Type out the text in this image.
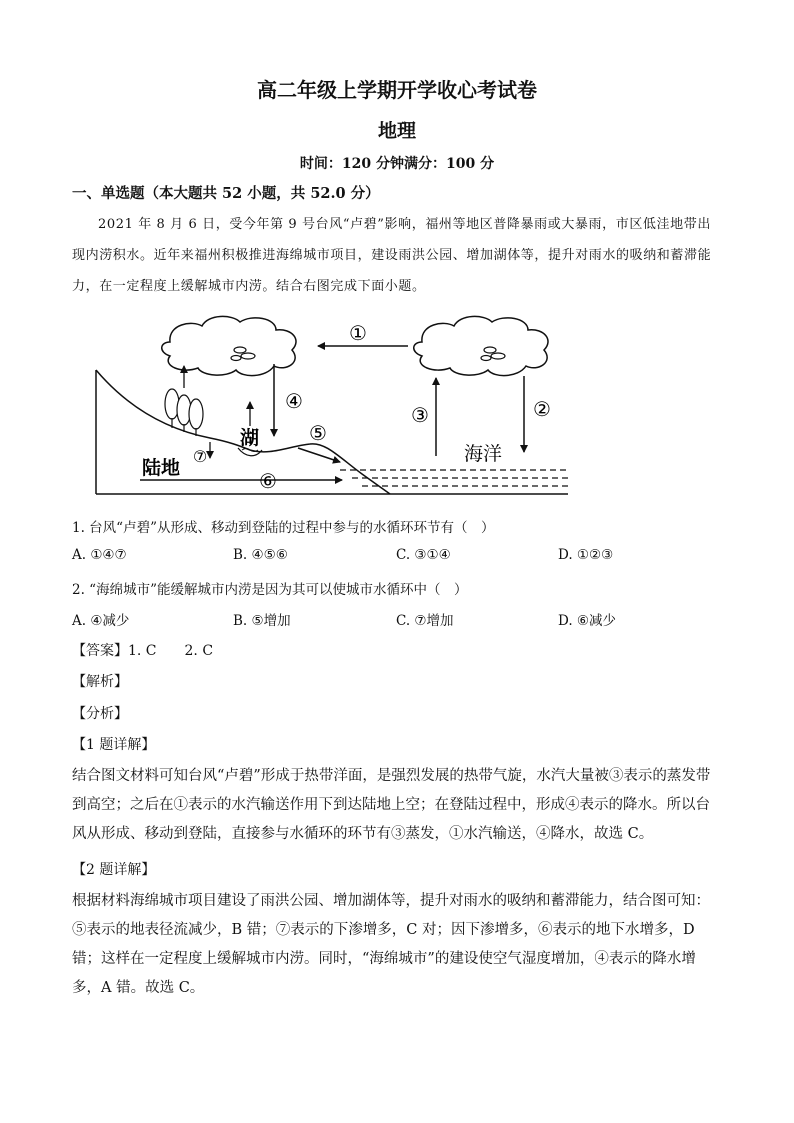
高二年级上学期开学收心考试卷
地理
时间：120 分钟满分：100 分
一、单选题（本大题共 52 小题，共 52.0 分）
2021 年 8 月 6 日，受今年第 9 号台风“卢碧”影响，福州等地区普降暴雨或大暴雨，市区低洼地带出现内涝积水。近年来福州积极推进海绵城市项目，建设雨洪公园、增加湖体等，提升对雨水的吸纳和蓄滞能力，在一定程度上缓解城市内涝。结合右图完成下面小题。
①
④
③	②
⑤
⑦
⑥
陆地
湖
海洋
1. 台风“卢碧”从形成、移动到登陆的过程中参与的水循环环节有（　）
A. ①④⑦	B. ④⑤⑥	C. ③①④	D. ①②③
2. “海绵城市”能缓解城市内涝是因为其可以使城市水循环中（　）
A. ④减少	B. ⑤增加	C. ⑦增加	D. ⑥减少
【答案】1. C　　2. C
【解析】
【分析】
【1 题详解】
结合图文材料可知台风“卢碧”形成于热带洋面，是强烈发展的热带气旋，水汽大量被③表示的蒸发带到高空；之后在①表示的水汽输送作用下到达陆地上空；在登陆过程中，形成④表示的降水。所以台风从形成、移动到登陆，直接参与水循环的环节有③蒸发，①水汽输送，④降水，故选 C。
【2 题详解】
根据材料海绵城市项目建设了雨洪公园、增加湖体等，提升对雨水的吸纳和蓄滞能力，结合图可知：⑤表示的地表径流减少，B 错；⑦表示的下渗增多，C 对；因下渗增多，⑥表示的地下水增多，D 错；这样在一定程度上缓解城市内涝。同时，“海绵城市”的建设使空气湿度增加，④表示的降水增多，A 错。故选 C。
